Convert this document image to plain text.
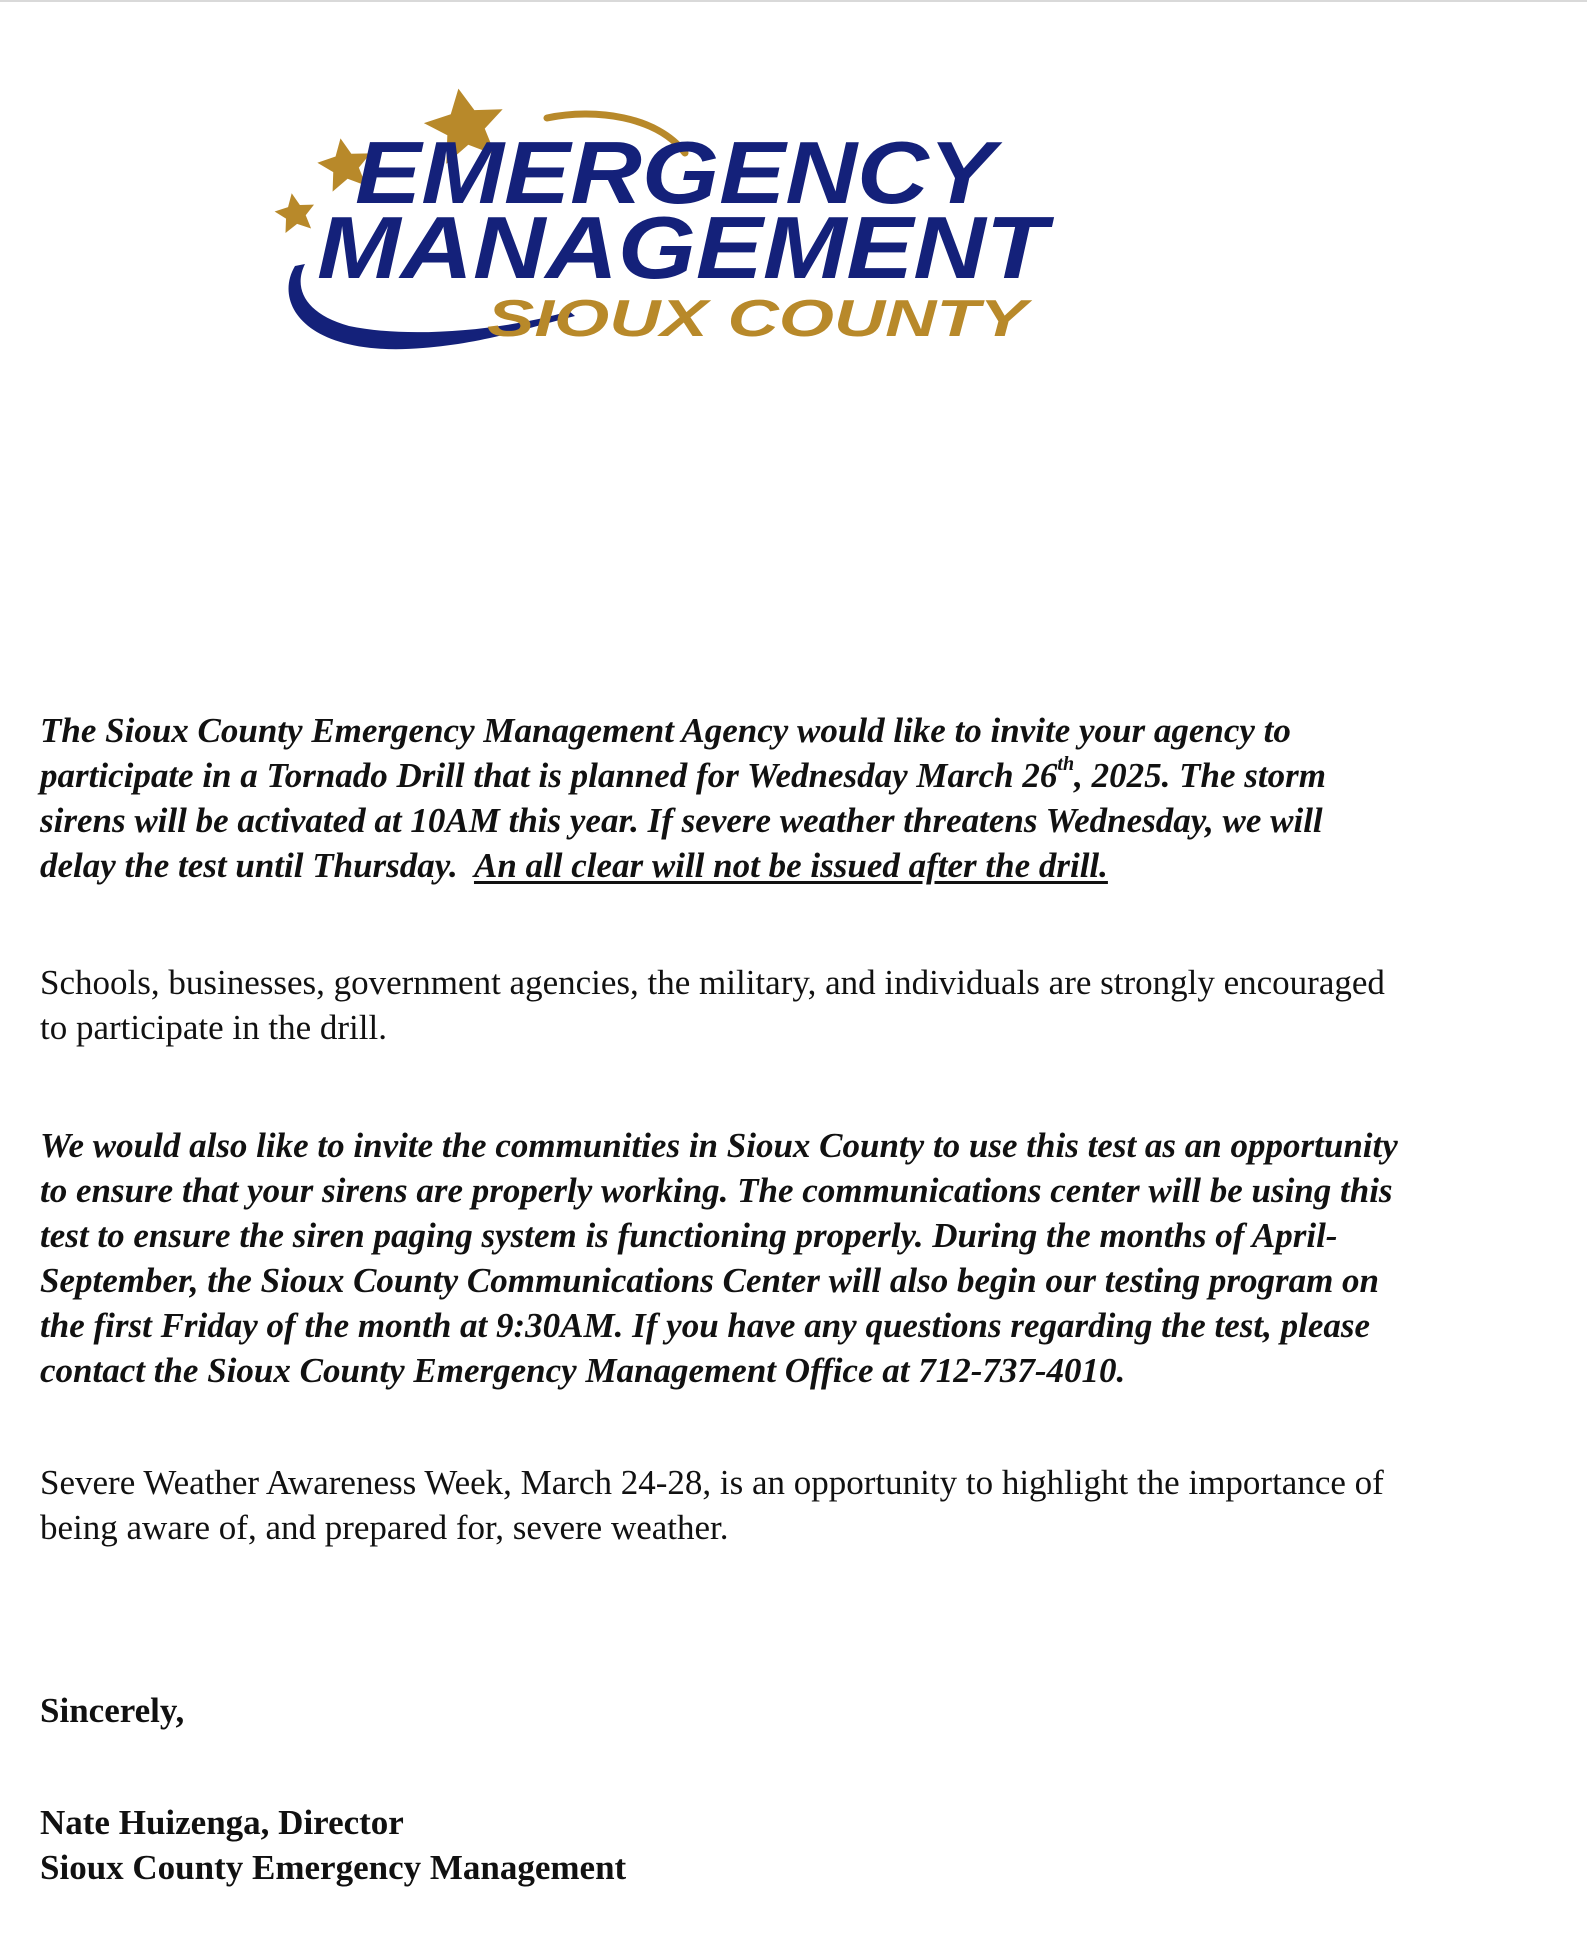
EMERGENCY
MANAGEMENT
SIOUX COUNTY

The Sioux County Emergency Management Agency would like to invite your agency to
participate in a Tornado Drill that is planned for Wednesday March 26th, 2025. The storm
sirens will be activated at 10AM this year. If severe weather threatens Wednesday, we will
delay the test until Thursday.  An all clear will not be issued after the drill.

Schools, businesses, government agencies, the military, and individuals are strongly encouraged
to participate in the drill.
We would also like to invite the communities in Sioux County to use this test as an opportunity
to ensure that your sirens are properly working. The communications center will be using this
test to ensure the siren paging system is functioning properly. During the months of April-
September, the Sioux County Communications Center will also begin our testing program on
the first Friday of the month at 9:30AM. If you have any questions regarding the test, please
contact the Sioux County Emergency Management Office at 712-737-4010.
Severe Weather Awareness Week, March 24-28, is an opportunity to highlight the importance of
being aware of, and prepared for, severe weather.
Sincerely,
Nate Huizenga, Director
Sioux County Emergency Management
